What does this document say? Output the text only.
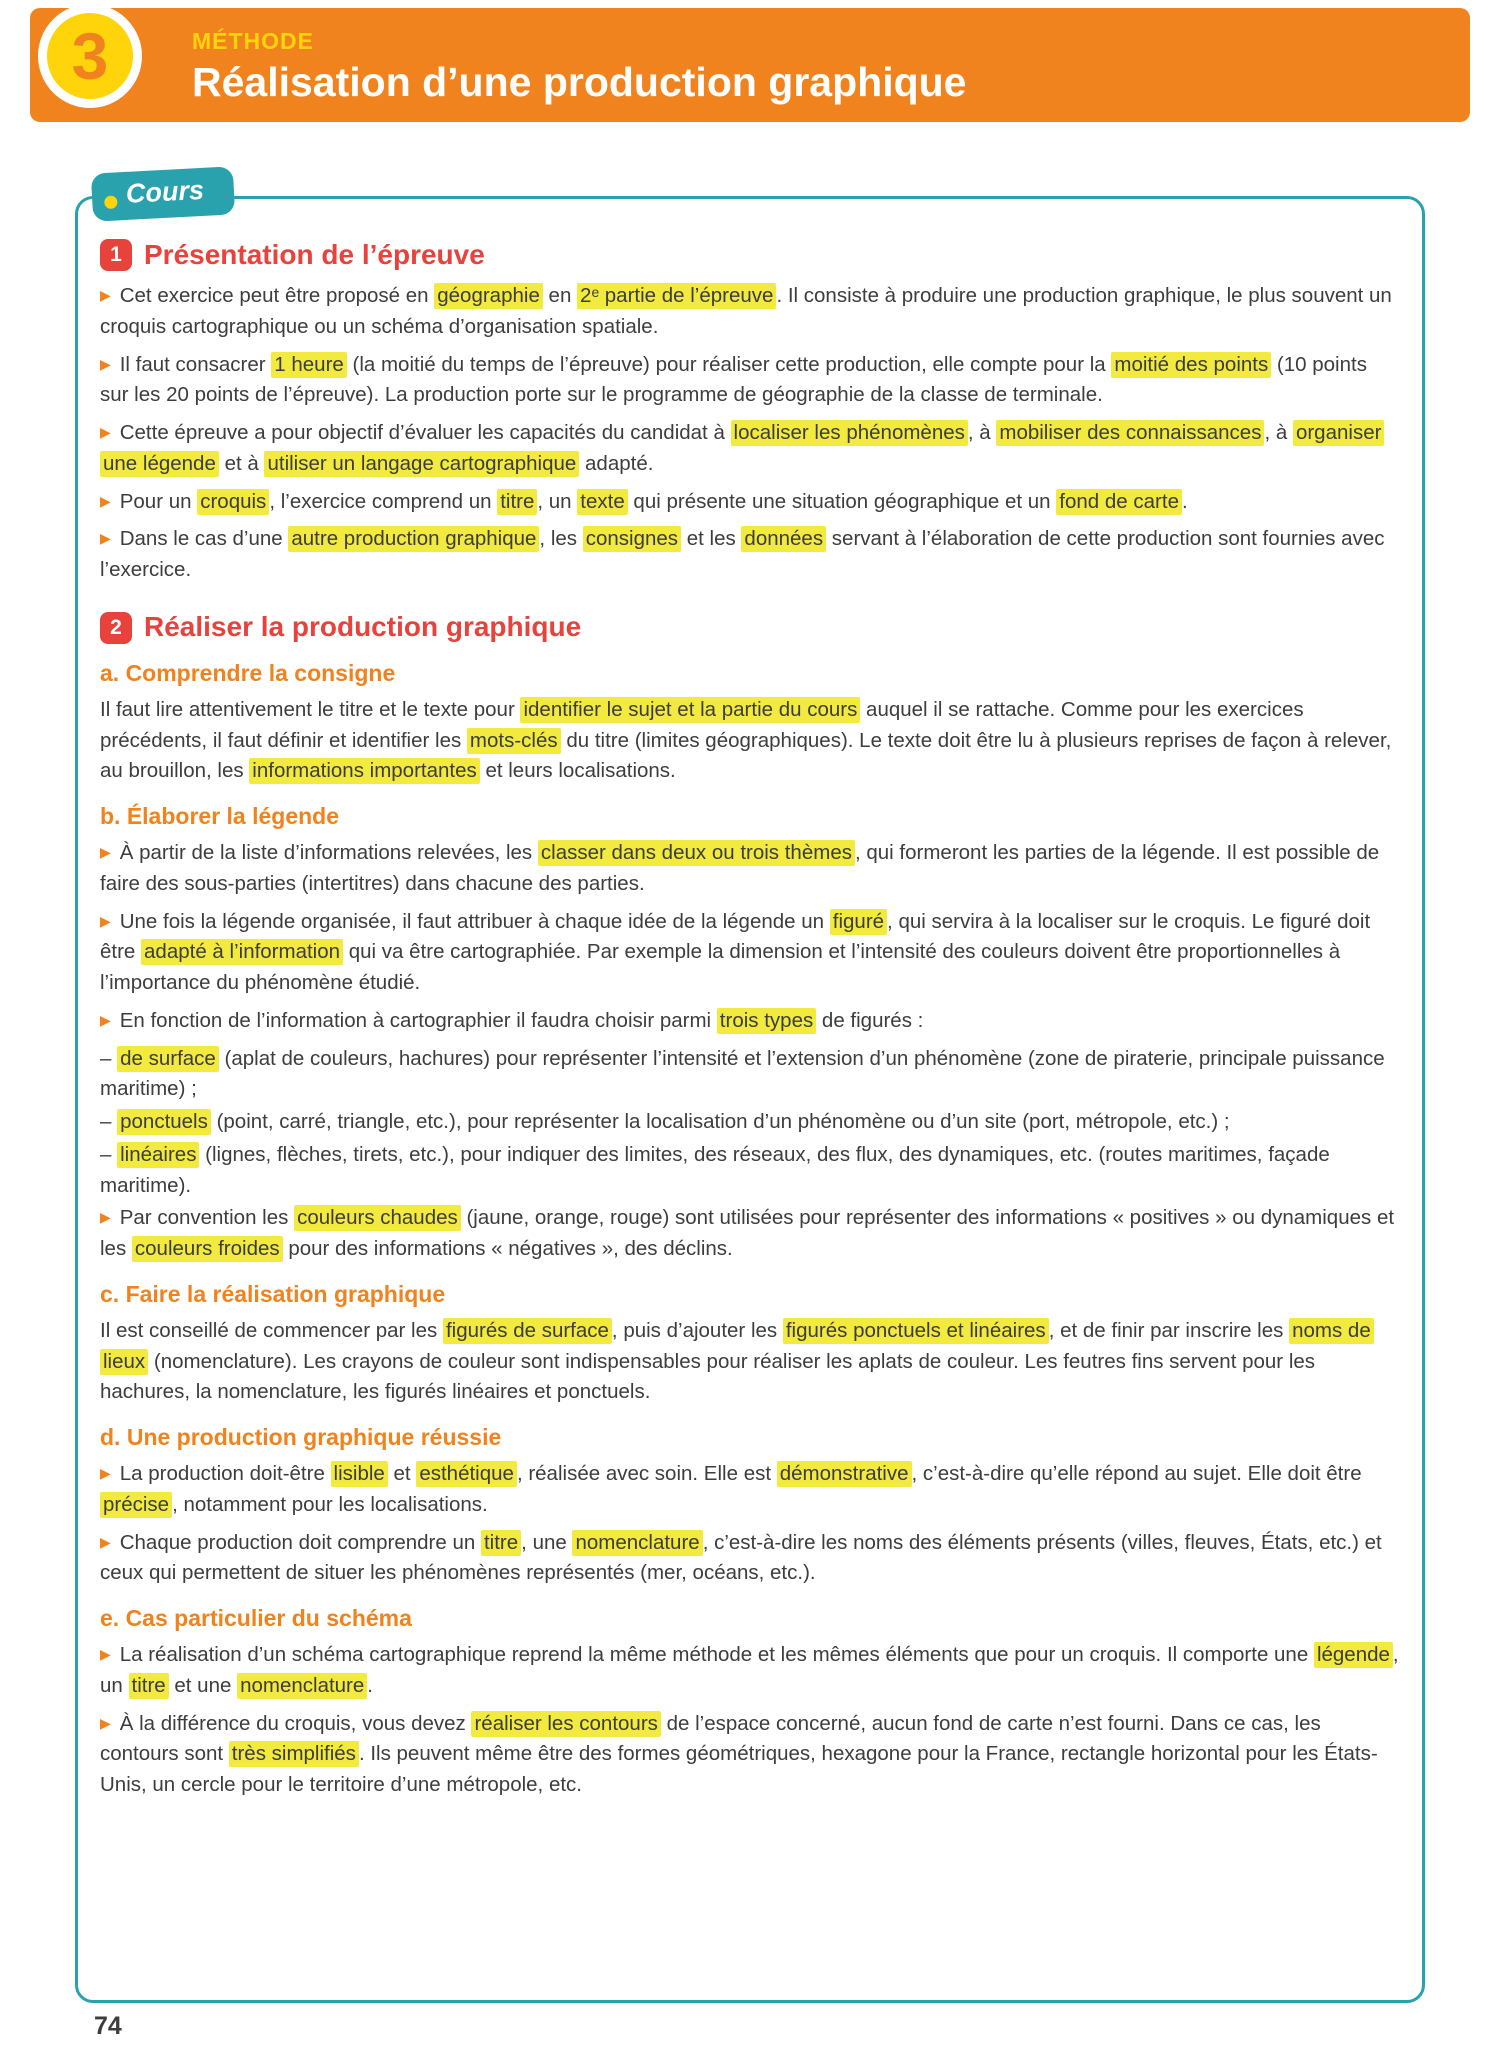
3	MÉTHODE
Réalisation d’une production graphique
Cours
1 Présentation de l’épreuve

▶ Cet exercice peut être proposé en géographie en 2ᵉ partie de l’épreuve . Il consiste à produire une production graphique, le plus souvent un croquis cartographique ou un schéma d’organisation spatiale.

▶ Il faut consacrer 1 heure (la moitié du temps de l’épreuve) pour réaliser cette production, elle compte pour la moitié des points (10 points sur les 20 points de l’épreuve). La production porte sur le programme de géographie de la classe de terminale.

▶ Cette épreuve a pour objectif d’évaluer les capacités du candidat à localiser les phénomènes , à mobiliser des connaissances , à organiser une légende et à utiliser un langage cartographique adapté.

▶ Pour un croquis , l’exercice comprend un titre , un texte qui présente une situation géographique et un fond de carte .

▶ Dans le cas d’une autre production graphique , les consignes et les données servant à l’élaboration de cette production sont fournies avec l’exercice.

2 Réaliser la production graphique
a. Comprendre la consigne

Il faut lire attentivement le titre et le texte pour identifier le sujet et la partie du cours auquel il se rattache. Comme pour les exercices précédents, il faut définir et identifier les mots-clés du titre (limites géographiques). Le texte doit être lu à plusieurs reprises de façon à relever, au brouillon, les informations importantes et leurs localisations.

b. Élaborer la légende

▶ À partir de la liste d’informations relevées, les classer dans deux ou trois thèmes , qui formeront les parties de la légende. Il est possible de faire des sous-parties (intertitres) dans chacune des parties.

▶ Une fois la légende organisée, il faut attribuer à chaque idée de la légende un figuré , qui servira à la localiser sur le croquis. Le figuré doit être adapté à l’information qui va être cartographiée. Par exemple la dimension et l’intensité des couleurs doivent être proportionnelles à l’importance du phénomène étudié.

▶ En fonction de l’information à cartographier il faudra choisir parmi trois types de figurés :

– de surface (aplat de couleurs, hachures) pour représenter l’intensité et l’extension d’un phénomène (zone de piraterie, principale puissance maritime) ;

– ponctuels (point, carré, triangle, etc.), pour représenter la localisation d’un phénomène ou d’un site (port, métropole, etc.) ;

– linéaires (lignes, flèches, tirets, etc.), pour indiquer des limites, des réseaux, des flux, des dynamiques, etc. (routes maritimes, façade maritime).

▶ Par convention les couleurs chaudes (jaune, orange, rouge) sont utilisées pour représenter des informations « positives » ou dynamiques et les couleurs froides pour des informations « négatives », des déclins.

c. Faire la réalisation graphique

Il est conseillé de commencer par les figurés de surface , puis d’ajouter les figurés ponctuels et linéaires , et de finir par inscrire les noms de lieux (nomenclature). Les crayons de couleur sont indispensables pour réaliser les aplats de couleur. Les feutres fins servent pour les hachures, la nomenclature, les figurés linéaires et ponctuels.

d. Une production graphique réussie

▶ La production doit-être lisible et esthétique , réalisée avec soin. Elle est démonstrative , c’est-à-dire qu’elle répond au sujet. Elle doit être précise , notamment pour les localisations.

▶ Chaque production doit comprendre un titre , une nomenclature , c’est-à-dire les noms des éléments présents (villes, fleuves, États, etc.) et ceux qui permettent de situer les phénomènes représentés (mer, océans, etc.).

e. Cas particulier du schéma

▶ La réalisation d’un schéma cartographique reprend la même méthode et les mêmes éléments que pour un croquis. Il comporte une légende , un titre et une nomenclature .

▶ À la différence du croquis, vous devez réaliser les contours de l’espace concerné, aucun fond de carte n’est fourni. Dans ce cas, les contours sont très simplifiés . Ils peuvent même être des formes géométriques, hexagone pour la France, rectangle horizontal pour les États-Unis, un cercle pour le territoire d’une métropole, etc.

74
